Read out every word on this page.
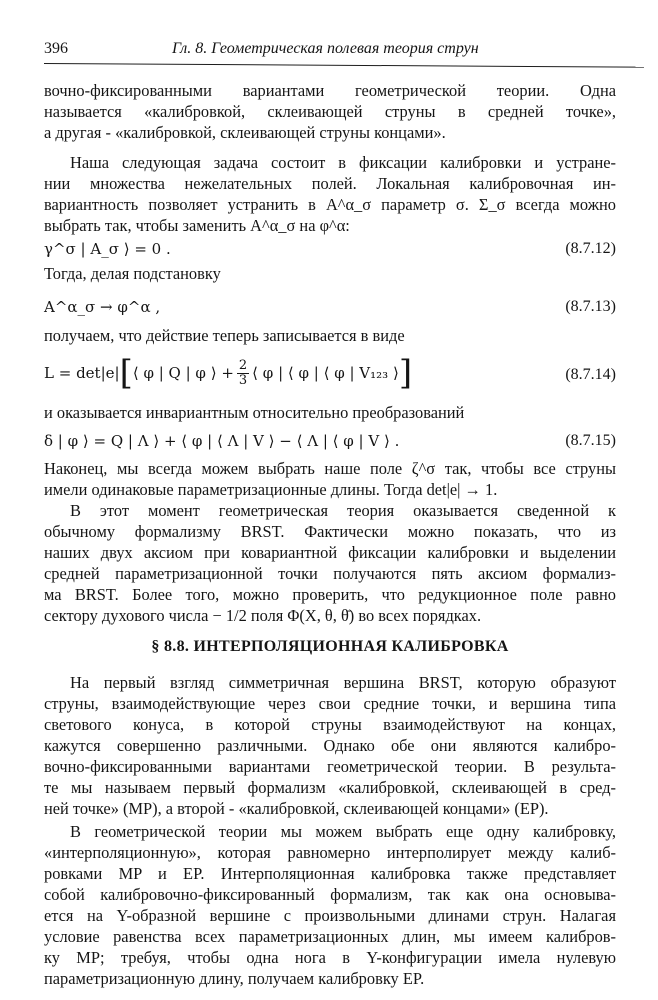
396	Гл. 8. Геометрическая полевая теория струн
вочно-фиксированными вариантами геометрической теории. Одна
называется «калибровкой, склеивающей струны в средней точке»,
а другая - «калибровкой, склеивающей струны концами».
Наша следующая задача состоит в фиксации калибровки и устране-
нии множества нежелательных полей. Локальная калибровочная ин-
вариантность позволяет устранить в A^α_σ параметр σ. Σ_σ всегда можно
выбрать так, чтобы заменить A^α_σ на φ^α:
γ^σ | A_σ ⟩ = 0 .	(8.7.12)
Тогда, делая подстановку
A^α_σ → φ^α ,	(8.7.13)
получаем, что действие теперь записывается в виде
L = det|e| [ ⟨ φ | Q | φ ⟩ + $\frac{2}{3}$ ⟨ φ | ⟨ φ | ⟨ φ | V₁₂₃ ⟩ ]	(8.7.14)
и оказывается инвариантным относительно преобразований
δ | φ ⟩ = Q | Λ ⟩ + ⟨ φ | ⟨ Λ | V ⟩ − ⟨ Λ | ⟨ φ | V ⟩ .	(8.7.15)
Наконец, мы всегда можем выбрать наше поле ζ^σ так, чтобы все струны
имели одинаковые параметризационные длины. Тогда det|e| → 1.
В этот момент геометрическая теория оказывается сведенной к
обычному формализму BRST. Фактически можно показать, что из
наших двух аксиом при ковариантной фиксации калибровки и выделении
средней параметризационной точки получаются пять аксиом формализ-
ма BRST. Более того, можно проверить, что редукционное поле равно
сектору духового числа − 1/2 поля Φ(X, θ, θ̄) во всех порядках.
§ 8.8. ИНТЕРПОЛЯЦИОННАЯ КАЛИБРОВКА
На первый взгляд симметричная вершина BRST, которую образуют
струны, взаимодействующие через свои средние точки, и вершина типа
светового конуса, в которой струны взаимодействуют на концах,
кажутся совершенно различными. Однако обе они являются калибро-
вочно-фиксированными вариантами геометрической теории. В результа-
те мы называем первый формализм «калибровкой, склеивающей в сред-
ней точке» (MP), а второй - «калибровкой, склеивающей концами» (EP).
В геометрической теории мы можем выбрать еще одну калибровку,
«интерполяционную», которая равномерно интерполирует между калиб-
ровками MP и EP. Интерполяционная калибровка также представляет
собой калибровочно-фиксированный формализм, так как она основыва-
ется на Y-образной вершине с произвольными длинами струн. Налагая
условие равенства всех параметризационных длин, мы имеем калибров-
ку MP; требуя, чтобы одна нога в Y-конфигурации имела нулевую
параметризационную длину, получаем калибровку EP.
